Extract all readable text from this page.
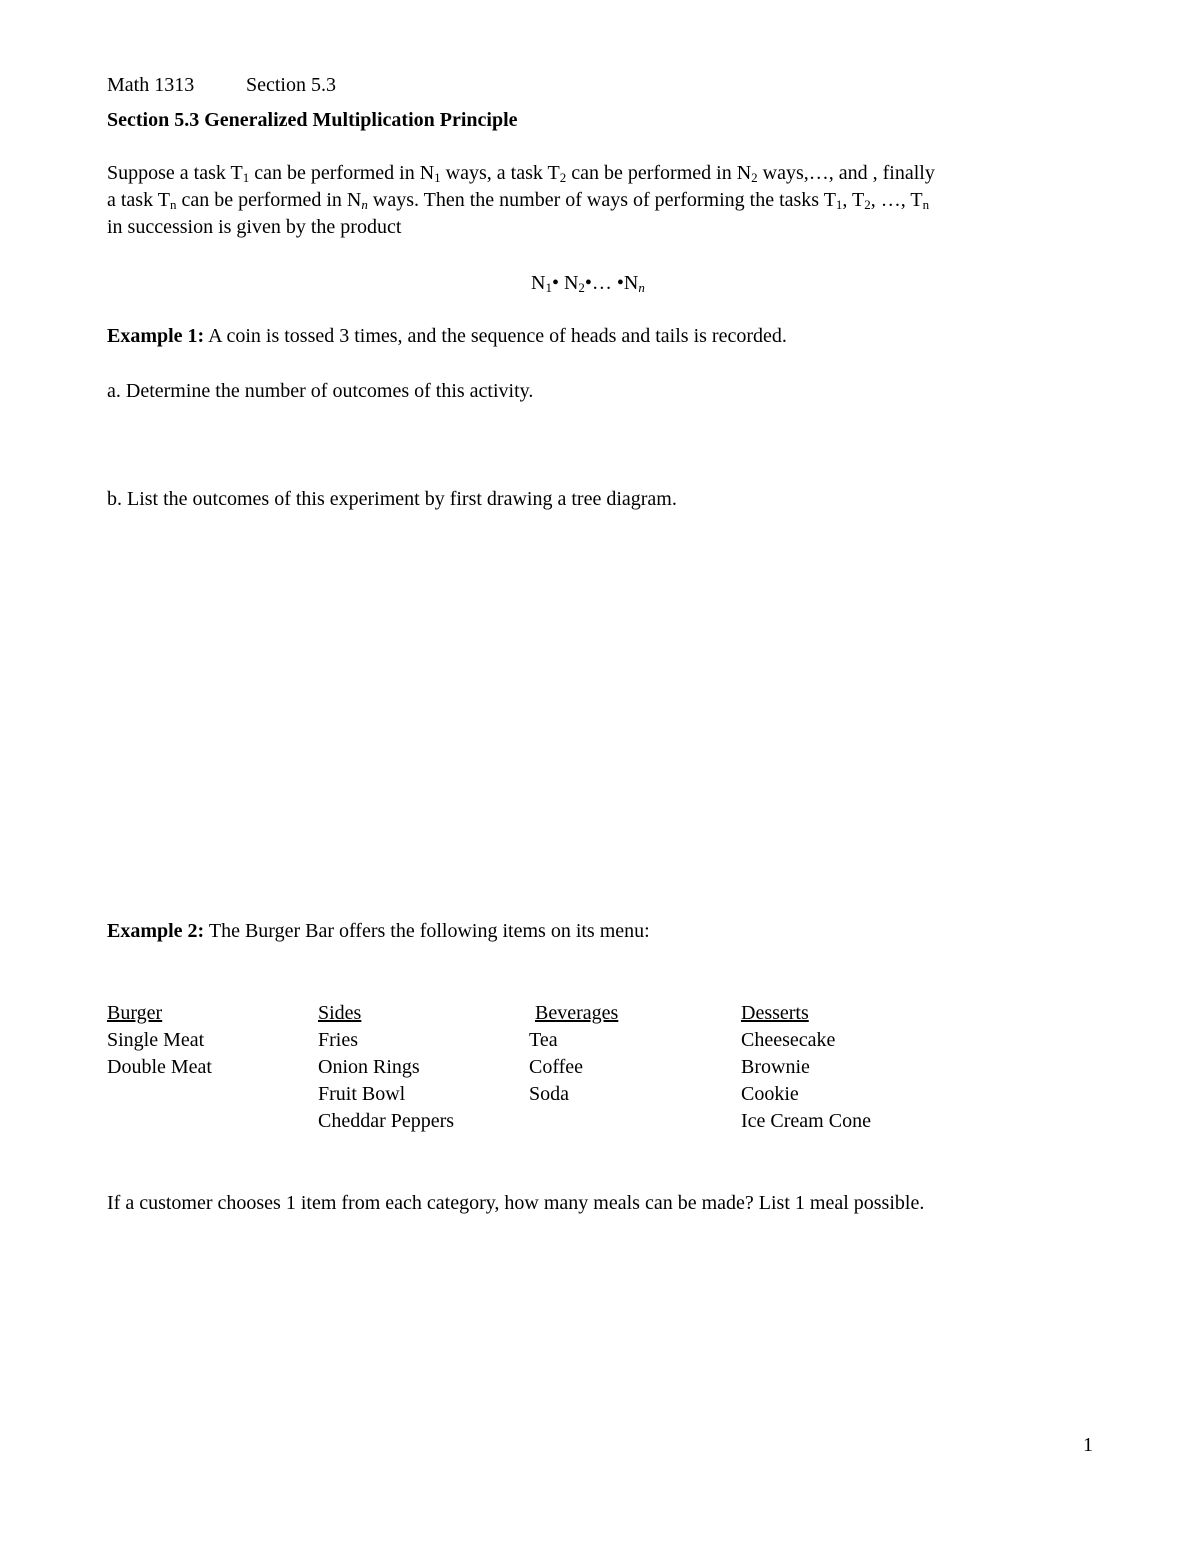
Math 1313	Section 5.3
Section 5.3 Generalized Multiplication Principle
Suppose a task $T_1$ can be performed in $N_1$ ways, a task $T_2$ can be performed in $N_2$ ways,…, and , finally
a task $T_n$ can be performed in $N_n$ ways. Then the number of ways of performing the tasks $T_1$, $T_2$, …, $T_n$
in succession is given by the product
$N_1•$ $N_2•\dots$ $•N_n$
Example 1: A coin is tossed 3 times, and the sequence of heads and tails is recorded.
a. Determine the number of outcomes of this activity.
b. List the outcomes of this experiment by first drawing a tree diagram.
Example 2: The Burger Bar offers the following items on its menu:
Burger
Single Meat
Double Meat
Sides
Fries
Onion Rings
Fruit Bowl
Cheddar Peppers
Beverages
Tea
Coffee
Soda
Desserts
Cheesecake
Brownie
Cookie
Ice Cream Cone
If a customer chooses 1 item from each category, how many meals can be made? List 1 meal possible.
1
